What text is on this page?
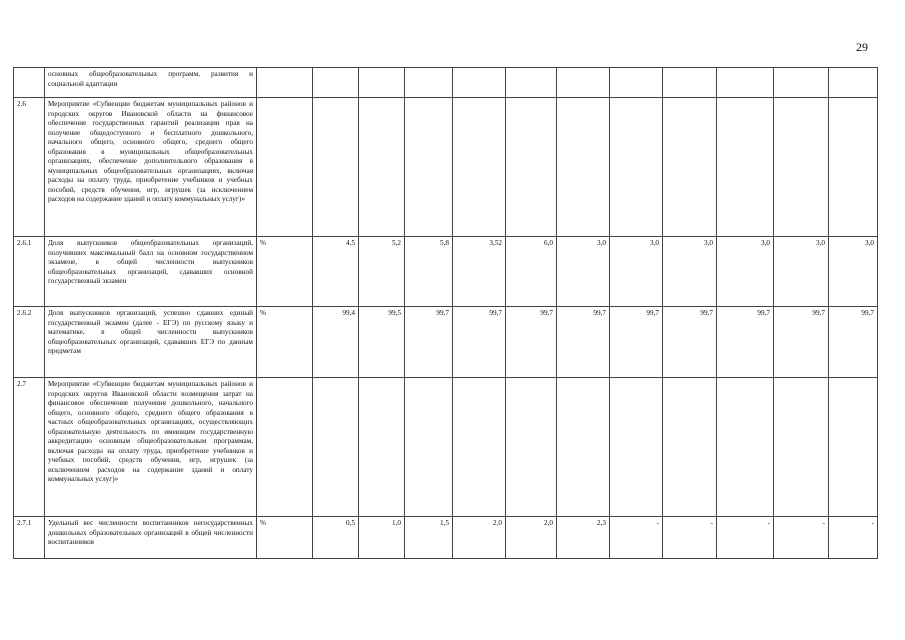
29
	основных общеобразовательных программ, развития и социальной адаптации												
2.6	Мероприятие «Субвенции бюджетам муниципальных районов и городских округов Ивановской области на финансовое обеспечение государственных гарантий реализации прав на получение общедоступного и бесплатного дошкольного, начального общего, основного общего, среднего общего образования в муниципальных общеобразовательных организациях, обеспечение дополнительного образования в муниципальных общеобразовательных организациях, включая расходы на оплату труда, приобретение учебников и учебных пособий, средств обучения, игр, игрушек (за исключением расходов на содержание зданий и оплату коммунальных услуг)»												
2.6.1	Доля выпускников общеобразовательных организаций, получивших максимальный балл на основном государственном экзамене, в общей численности выпускников общеобразовательных организаций, сдававших основной государственный экзамен	%	4,5	5,2	5,8	3,52	6,0	3,0	3,0	3,0	3,0	3,0	3,0
2.6.2	Доля выпускников организаций, успешно сдавших единый государственный экзамен (далее - ЕГЭ) по русскому языку и математике, в общей численности выпускников общеобразовательных организаций, сдававших ЕГЭ по данным предметам	%	99,4	99,5	99,7	99,7	99,7	99,7	99,7	99,7	99,7	99,7	99,7
2.7	Мероприятие «Субвенции бюджетам муниципальных районов и городских округов Ивановской области возмещения затрат на финансовое обеспечение получения дошкольного, начального общего, основного общего, среднего общего образования в частных общеобразовательных организациях, осуществляющих образовательную деятельность по имеющим государственную аккредитацию основным общеобразовательным программам, включая расходы на оплату труда, приобретение учебников и учебных пособий, средств обучения, игр, игрушек (за исключением расходов на содержание зданий и оплату коммунальных услуг)»												
2.7.1	Удельный вес численности воспитанников негосударственных дошкольных образовательных организаций в общей численности воспитанников	%	0,5	1,0	1,5	2,0	2,0	2,3	-	-	-	-	-
